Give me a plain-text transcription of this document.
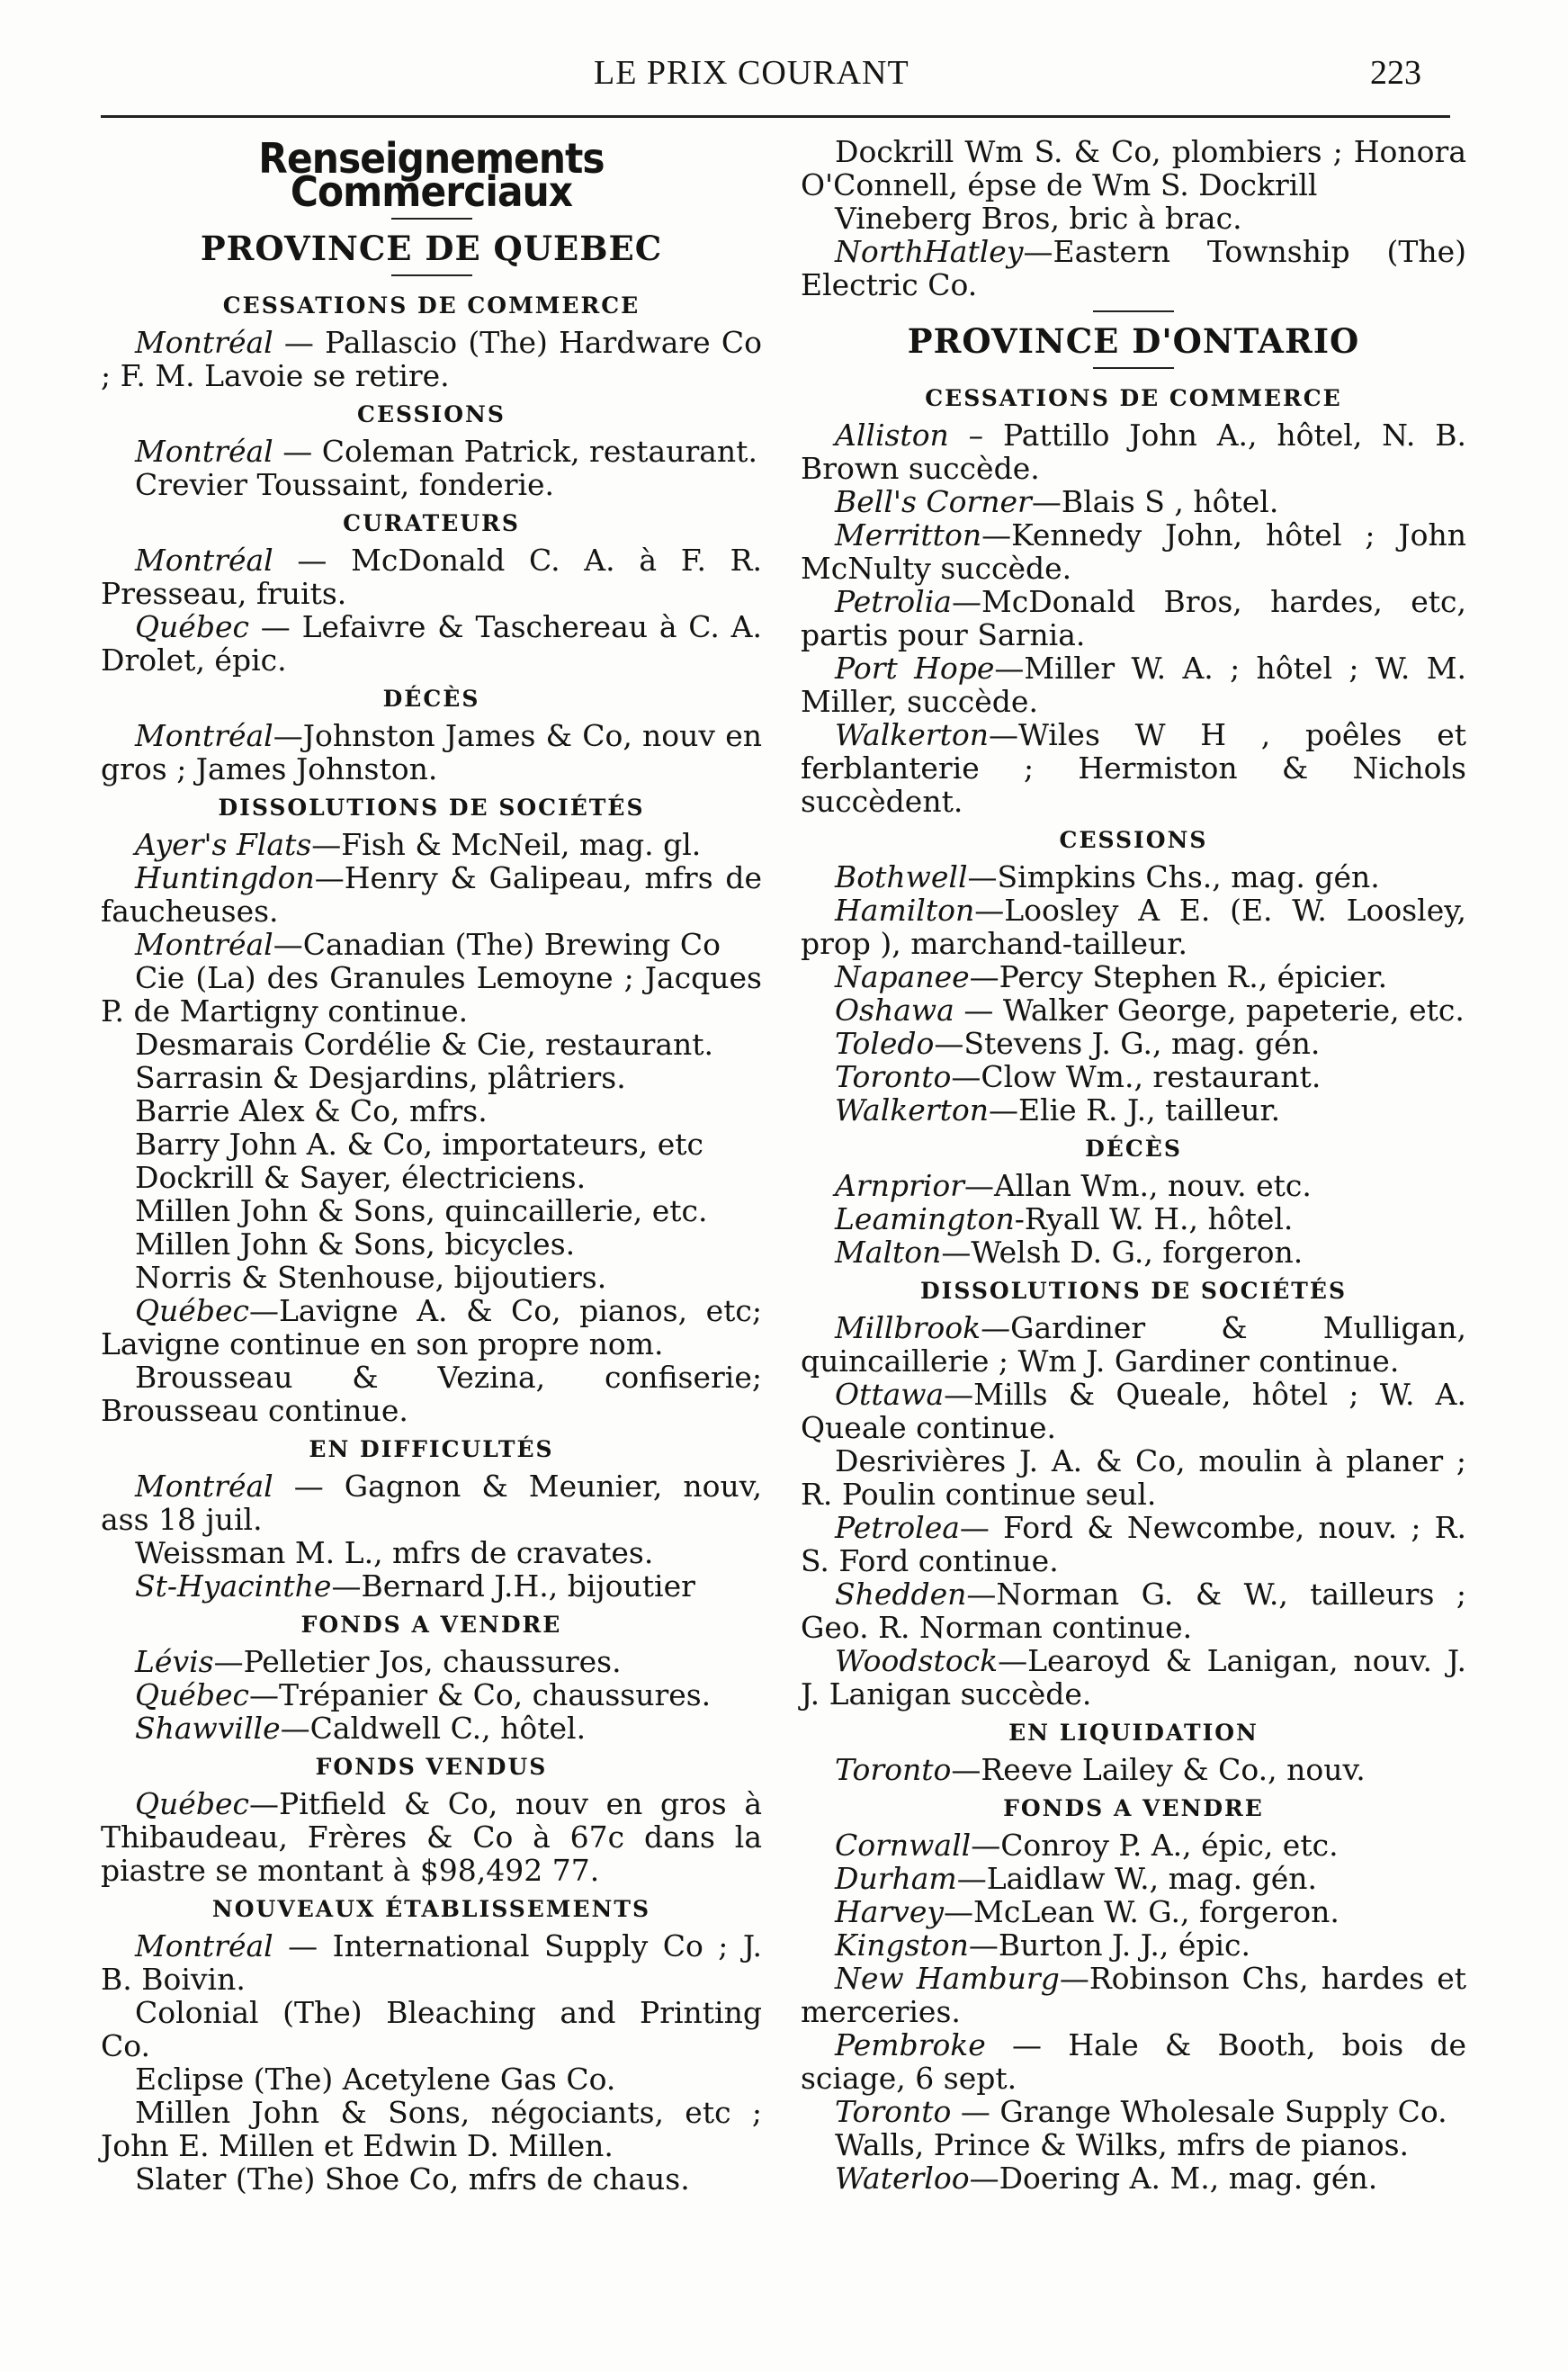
LE PRIX COURANT	223
Renseignements Commerciaux
PROVINCE DE QUEBEC
CESSATIONS DE COMMERCE

Montréal — Pallascio (The) Hardware Co ; F. M. Lavoie se retire.

CESSIONS

Montréal — Coleman Patrick, restaurant.

Crevier Toussaint, fonderie.

CURATEURS

Montréal — McDonald C. A. à F. R. Presseau, fruits.

Québec — Lefaivre & Taschereau à C. A. Drolet, épic.

DÉCÈS

Montréal—Johnston James & Co, nouv en gros ; James Johnston.

DISSOLUTIONS DE SOCIÉTÉS

Ayer's Flats—Fish & McNeil, mag. gl.

Huntingdon—Henry & Galipeau, mfrs de faucheuses.

Montréal—Canadian (The) Brewing Co

Cie (La) des Granules Lemoyne ; Jacques P. de Martigny continue.

Desmarais Cordélie & Cie, restaurant.

Sarrasin & Desjardins, plâtriers.

Barrie Alex & Co, mfrs.

Barry John A. & Co, importateurs, etc

Dockrill & Sayer, électriciens.

Millen John & Sons, quincaillerie, etc.

Millen John & Sons, bicycles.

Norris & Stenhouse, bijoutiers.

Québec—Lavigne A. & Co, pianos, etc; Lavigne continue en son propre nom.

Brousseau & Vezina, confiserie; Brousseau continue.

EN DIFFICULTÉS

Montréal — Gagnon & Meunier, nouv, ass 18 juil.

Weissman M. L., mfrs de cravates.

St-Hyacinthe—Bernard J.H., bijoutier

FONDS A VENDRE

Lévis—Pelletier Jos, chaussures.

Québec—Trépanier & Co, chaussures.

Shawville—Caldwell C., hôtel.

FONDS VENDUS

Québec—Pitfield & Co, nouv en gros à Thibaudeau, Frères & Co à 67c dans la piastre se montant à $98,492 77.

NOUVEAUX ÉTABLISSEMENTS

Montréal — International Supply Co ; J. B. Boivin.

Colonial (The) Bleaching and Printing Co.

Eclipse (The) Acetylene Gas Co.

Millen John & Sons, négociants, etc ; John E. Millen et Edwin D. Millen.

Slater (The) Shoe Co, mfrs de chaus.

Dockrill Wm S. & Co, plombiers ; Honora O'Connell, épse de Wm S. Dockrill

Vineberg Bros, bric à brac.

NorthHatley—Eastern Township (The) Electric Co.

PROVINCE D'ONTARIO
CESSATIONS DE COMMERCE

Alliston – Pattillo John A., hôtel, N. B. Brown succède.

Bell's Corner—Blais S , hôtel.

Merritton—Kennedy John, hôtel ; John McNulty succède.

Petrolia—McDonald Bros, hardes, etc, partis pour Sarnia.

Port Hope—Miller W. A. ; hôtel ; W. M. Miller, succède.

Walkerton—Wiles W H , poêles et ferblanterie ; Hermiston & Nichols succèdent.

CESSIONS

Bothwell—Simpkins Chs., mag. gén.

Hamilton—Loosley A E. (E. W. Loosley, prop ), marchand-tailleur.

Napanee—Percy Stephen R., épicier.

Oshawa — Walker George, papeterie, etc.

Toledo—Stevens J. G., mag. gén.

Toronto—Clow Wm., restaurant.

Walkerton—Elie R. J., tailleur.

DÉCÈS

Arnprior—Allan Wm., nouv. etc.

Leamington-Ryall W. H., hôtel.

Malton—Welsh D. G., forgeron.

DISSOLUTIONS DE SOCIÉTÉS

Millbrook—Gardiner & Mulligan, quincaillerie ; Wm J. Gardiner continue.

Ottawa—Mills & Queale, hôtel ; W. A. Queale continue.

Desrivières J. A. & Co, moulin à planer ; R. Poulin continue seul.

Petrolea— Ford & Newcombe, nouv. ; R. S. Ford continue.

Shedden—Norman G. & W., tailleurs ; Geo. R. Norman continue.

Woodstock—Learoyd & Lanigan, nouv. J. J. Lanigan succède.

EN LIQUIDATION

Toronto—Reeve Lailey & Co., nouv.

FONDS A VENDRE

Cornwall—Conroy P. A., épic, etc.

Durham—Laidlaw W., mag. gén.

Harvey—McLean W. G., forgeron.

Kingston—Burton J. J., épic.

New Hamburg—Robinson Chs, hardes et merceries.

Pembroke — Hale & Booth, bois de sciage, 6 sept.

Toronto — Grange Wholesale Supply Co.

Walls, Prince & Wilks, mfrs de pianos.

Waterloo—Doering A. M., mag. gén.
